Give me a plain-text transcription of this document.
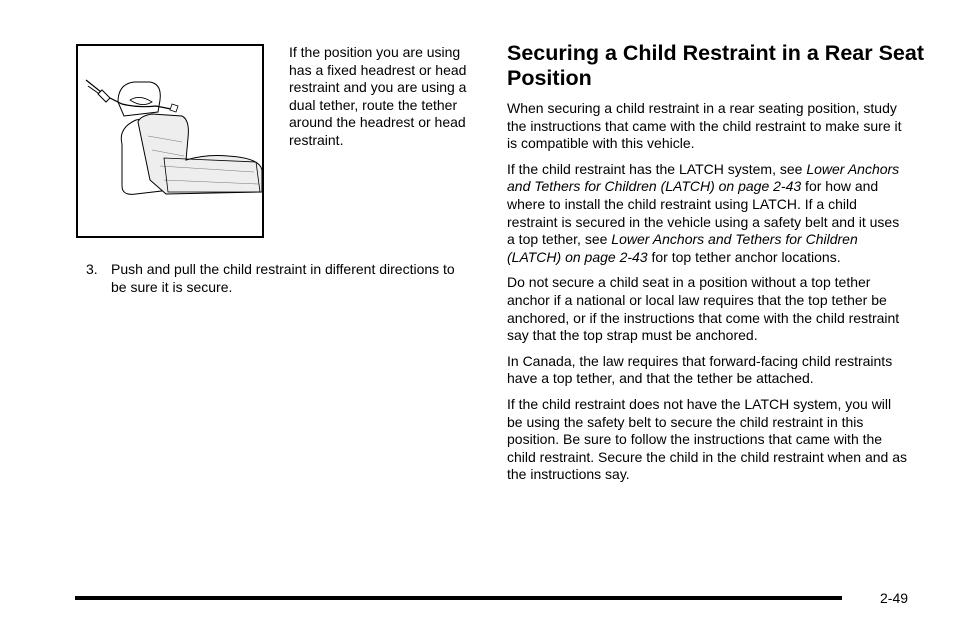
If the position you are using has a fixed headrest or head restraint and you are using a dual tether, route the tether around the headrest or head restraint.
3. Push and pull the child restraint in different directions to be sure it is secure.
Securing a Child Restraint in a Rear Seat Position

When securing a child restraint in a rear seating position, study the instructions that came with the child restraint to make sure it is compatible with this vehicle.

If the child restraint has the LATCH system, see Lower Anchors and Tethers for Children (LATCH) on page 2-43 for how and where to install the child restraint using LATCH. If a child restraint is secured in the vehicle using a safety belt and it uses a top tether, see Lower Anchors and Tethers for Children (LATCH) on page 2-43 for top tether anchor locations.

Do not secure a child seat in a position without a top tether anchor if a national or local law requires that the top tether be anchored, or if the instructions that come with the child restraint say that the top strap must be anchored.

In Canada, the law requires that forward-facing child restraints have a top tether, and that the tether be attached.

If the child restraint does not have the LATCH system, you will be using the safety belt to secure the child restraint in this position. Be sure to follow the instructions that came with the child restraint. Secure the child in the child restraint when and as the instructions say.

2-49
